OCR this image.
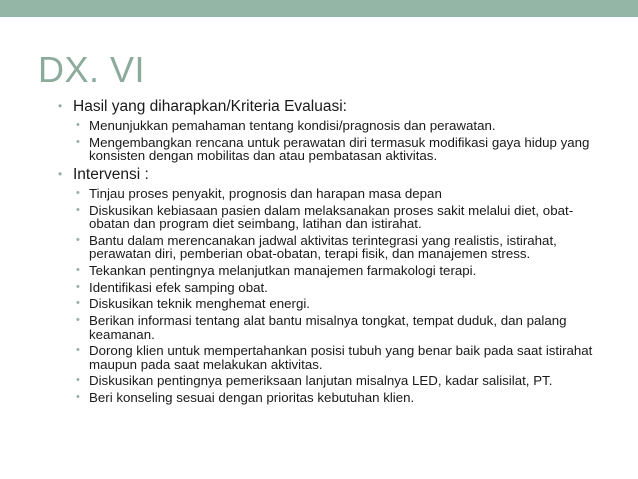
DX. VI
• Hasil yang diharapkan/Kriteria Evaluasi:
• Menunjukkan pemahaman tentang kondisi/pragnosis dan perawatan.
• Mengembangkan rencana untuk perawatan diri termasuk modifikasi gaya hidup yang konsisten dengan mobilitas dan atau pembatasan aktivitas.
• Intervensi :
• Tinjau proses penyakit, prognosis dan harapan masa depan
• Diskusikan kebiasaan pasien dalam melaksanakan proses sakit melalui diet, obat-obatan dan program diet seimbang, latihan dan istirahat.
• Bantu dalam merencanakan jadwal aktivitas terintegrasi yang realistis, istirahat, perawatan diri, pemberian obat-obatan, terapi fisik, dan manajemen stress.
• Tekankan pentingnya melanjutkan manajemen farmakologi terapi.
• Identifikasi efek samping obat.
• Diskusikan teknik menghemat energi.
• Berikan informasi tentang alat bantu misalnya tongkat, tempat duduk, dan palang keamanan.
• Dorong klien untuk mempertahankan posisi tubuh yang benar baik pada saat istirahat maupun pada saat melakukan aktivitas.
• Diskusikan pentingnya pemeriksaan lanjutan misalnya LED, kadar salisilat, PT.
• Beri konseling sesuai dengan prioritas kebutuhan klien.
